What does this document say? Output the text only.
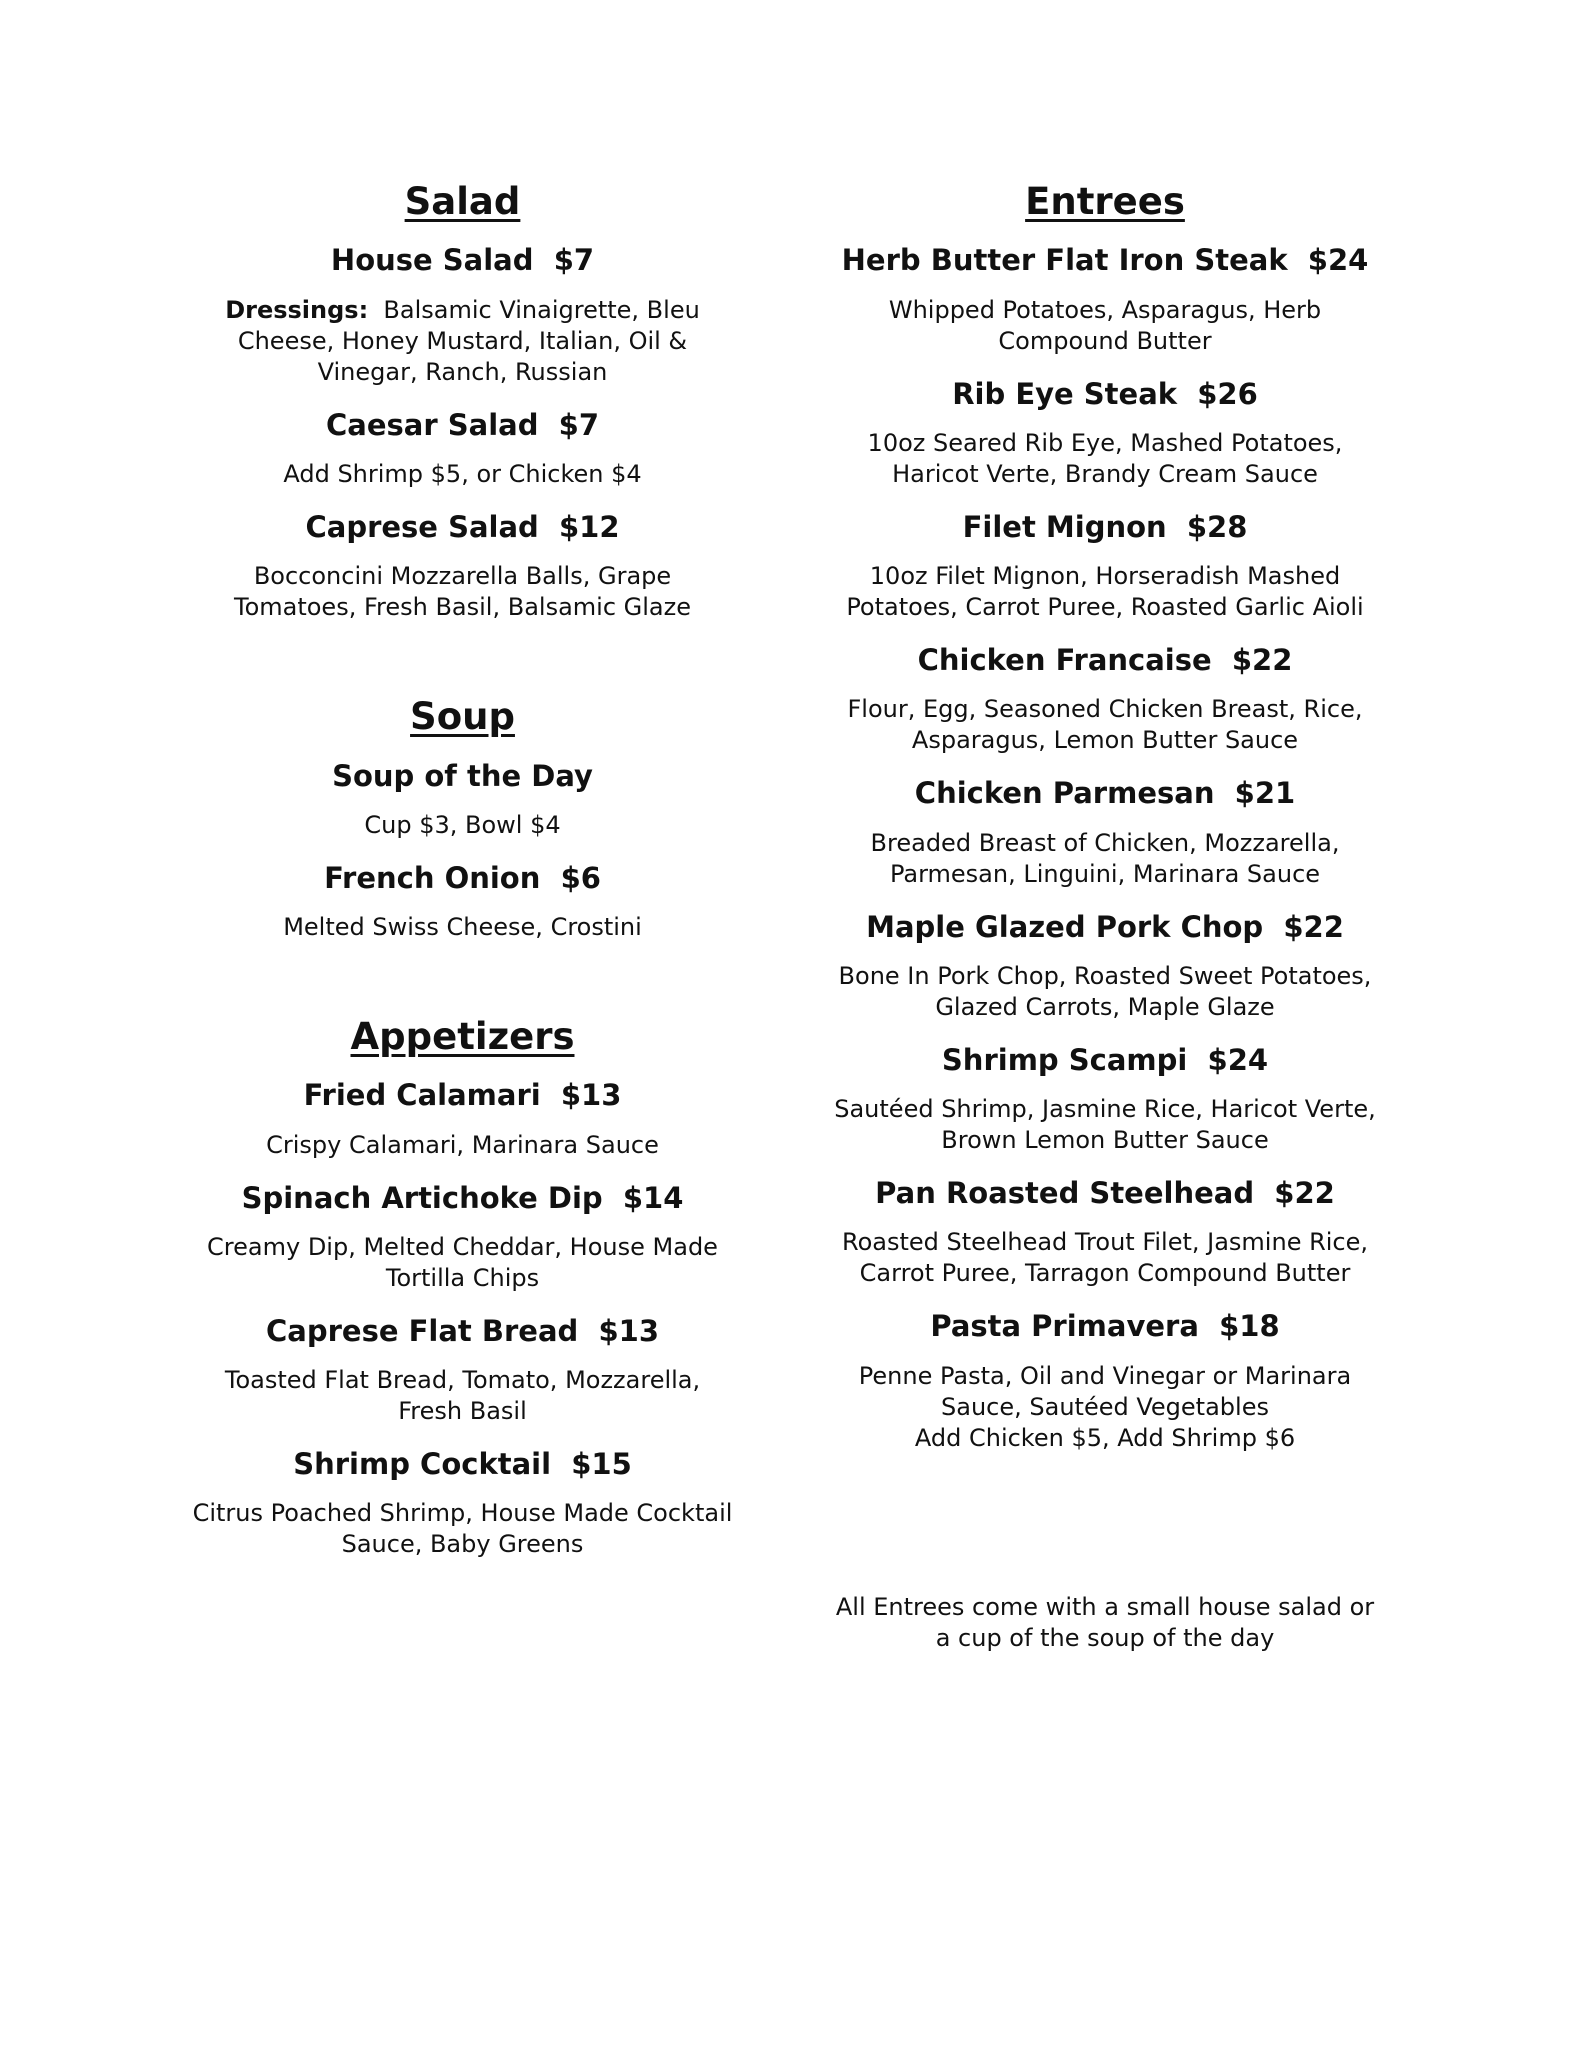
Salad
House Salad  $7
Dressings:  Balsamic Vinaigrette, Bleu Cheese, Honey Mustard, Italian, Oil & Vinegar, Ranch, Russian
Caesar Salad  $7
Add Shrimp $5, or Chicken $4
Caprese Salad  $12
Bocconcini Mozzarella Balls, Grape Tomatoes, Fresh Basil, Balsamic Glaze
Soup
Soup of the Day
Cup $3, Bowl $4
French Onion  $6
Melted Swiss Cheese, Crostini
Appetizers
Fried Calamari  $13
Crispy Calamari, Marinara Sauce
Spinach Artichoke Dip  $14
Creamy Dip, Melted Cheddar, House Made Tortilla Chips
Caprese Flat Bread  $13
Toasted Flat Bread, Tomato, Mozzarella, Fresh Basil
Shrimp Cocktail  $15
Citrus Poached Shrimp, House Made Cocktail Sauce, Baby Greens
Entrees
Herb Butter Flat Iron Steak  $24
Whipped Potatoes, Asparagus, Herb Compound Butter
Rib Eye Steak  $26
10oz Seared Rib Eye, Mashed Potatoes, Haricot Verte, Brandy Cream Sauce
Filet Mignon  $28
10oz Filet Mignon, Horseradish Mashed Potatoes, Carrot Puree, Roasted Garlic Aioli
Chicken Francaise  $22
Flour, Egg, Seasoned Chicken Breast, Rice, Asparagus, Lemon Butter Sauce
Chicken Parmesan  $21
Breaded Breast of Chicken, Mozzarella, Parmesan, Linguini, Marinara Sauce
Maple Glazed Pork Chop  $22
Bone In Pork Chop, Roasted Sweet Potatoes, Glazed Carrots, Maple Glaze
Shrimp Scampi  $24
Sautéed Shrimp, Jasmine Rice, Haricot Verte, Brown Lemon Butter Sauce
Pan Roasted Steelhead  $22
Roasted Steelhead Trout Filet, Jasmine Rice, Carrot Puree, Tarragon Compound Butter
Pasta Primavera  $18
Penne Pasta, Oil and Vinegar or Marinara Sauce, Sautéed Vegetables
Add Chicken $5, Add Shrimp $6
All Entrees come with a small house salad or a cup of the soup of the day
